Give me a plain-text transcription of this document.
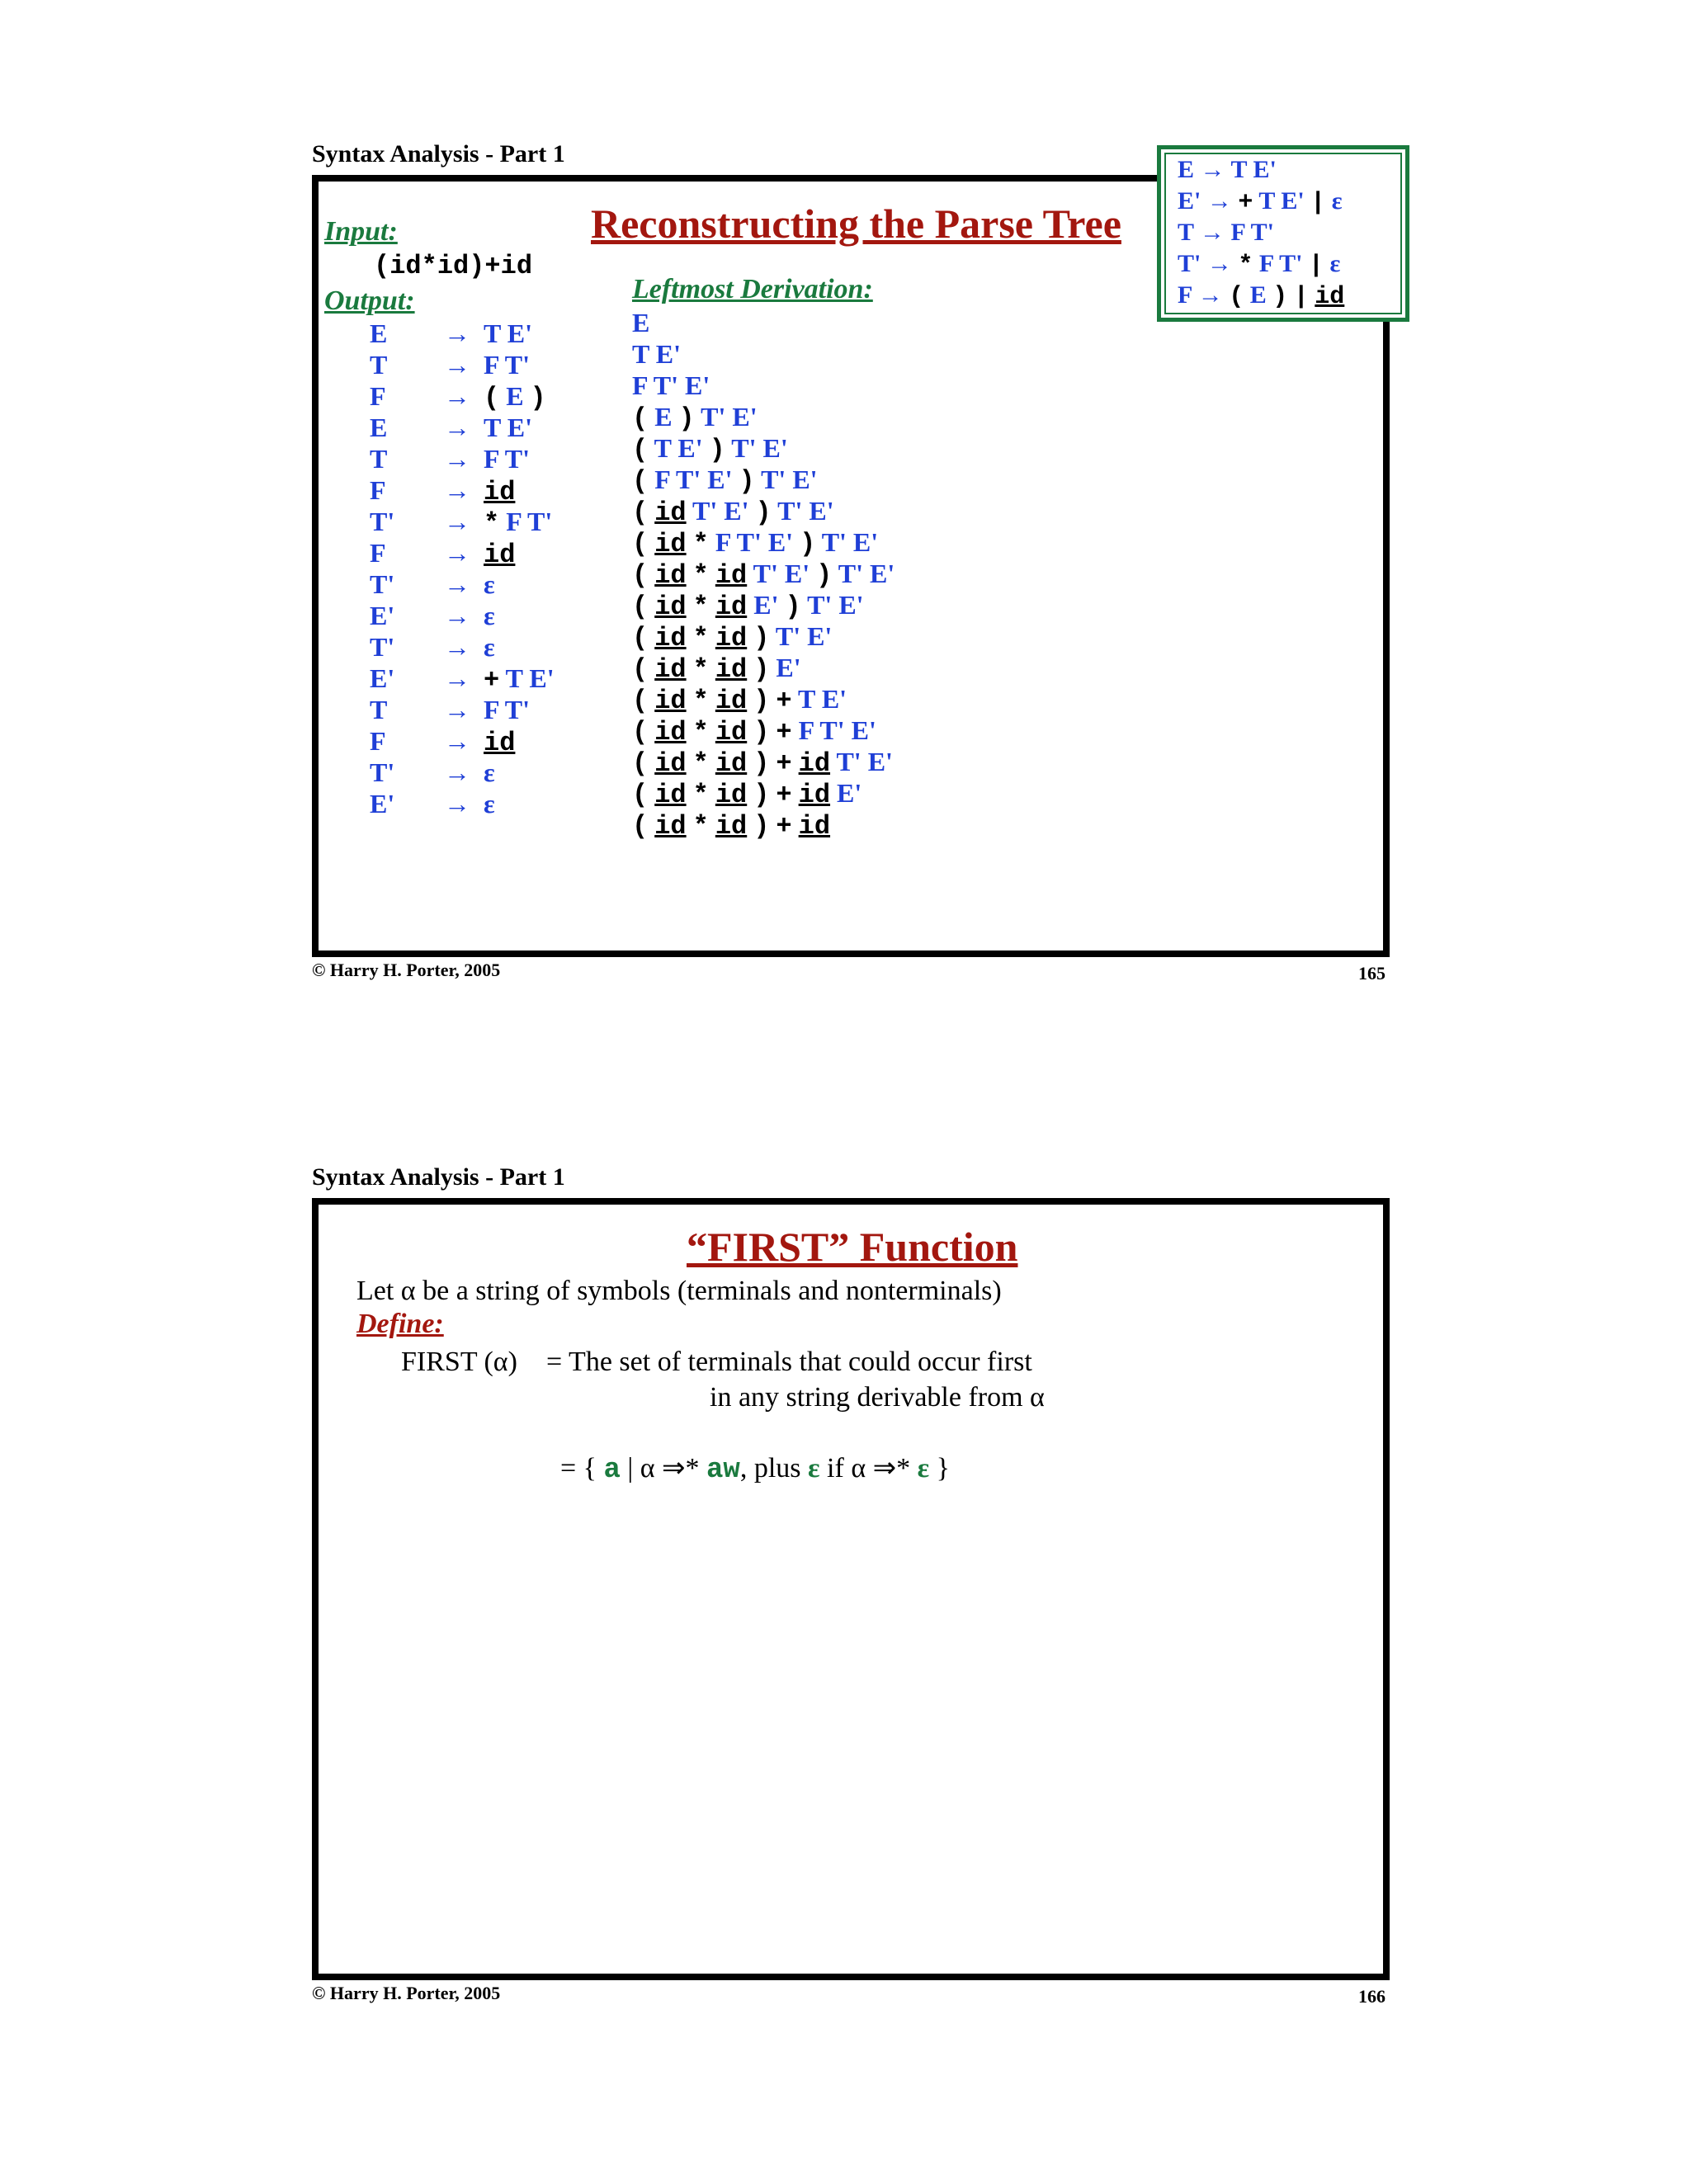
Syntax Analysis - Part 1
Reconstructing the Parse Tree
Input:
(id*id)+id
Output:
E → T E'
T → F T'
F → ( E )
E → T E'
T → F T'
F → id
T' → * F T'
F → id
T' → ε
E' → ε
T' → ε
E' → + T E'
T → F T'
F → id
T' → ε
E' → ε
Leftmost Derivation:
E
T E'
F T' E'
( E ) T' E'
( T E' ) T' E'
( F T' E' ) T' E'
( id T' E' ) T' E'
( id * F T' E' ) T' E'
( id * id T' E' ) T' E'
( id * id E' ) T' E'
( id * id ) T' E'
( id * id ) E'
( id * id ) + T E'
( id * id ) + F T' E'
( id * id ) + id T' E'
( id * id ) + id E'
( id * id ) + id
E → T E'
E' → + T E' | ε
T → F T'
T' → * F T' | ε
F → ( E ) | id
© Harry H. Porter, 2005	165
Syntax Analysis - Part 1
“FIRST” Function
Let α be a string of symbols (terminals and nonterminals)
Define:
FIRST (α) = The set of terminals that could occur first
in any string derivable from α

= { a | α ⇒* aw, plus ε if α ⇒* ε }

© Harry H. Porter, 2005	166
